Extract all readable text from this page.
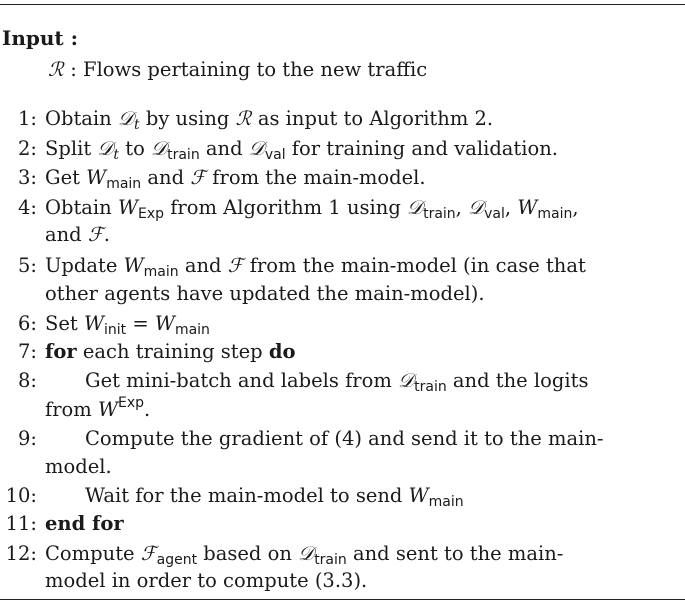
Input :
ℛ : Flows pertaining to the new traffic
1: Obtain 𝒟$_t$ by using ℛ as input to Algorithm 2.
2: Split 𝒟$_t$ to 𝒟$_{train}$ and 𝒟$_{val}$ for training and validation.
3: Get $W_{main}$ and ℱ from the main-model.
4: Obtain $W_{Exp}$ from Algorithm 1 using 𝒟$_{train}$, 𝒟$_{val}$, $W_{main}$,
and ℱ.
5: Update $W_{main}$ and ℱ from the main-model (in case that
other agents have updated the main-model).
6: Set $W_{init} = W_{main}$
7: for each training step do
8: Get mini-batch and labels from 𝒟$_{train}$ and the logits
from $W^{Exp}$.
9: Compute the gradient of (4) and send it to the main-
model.
10: Wait for the main-model to send $W_{main}$
11: end for
12: Compute ℱ$_{agent}$ based on 𝒟$_{train}$ and sent to the main-
model in order to compute (3.3).
